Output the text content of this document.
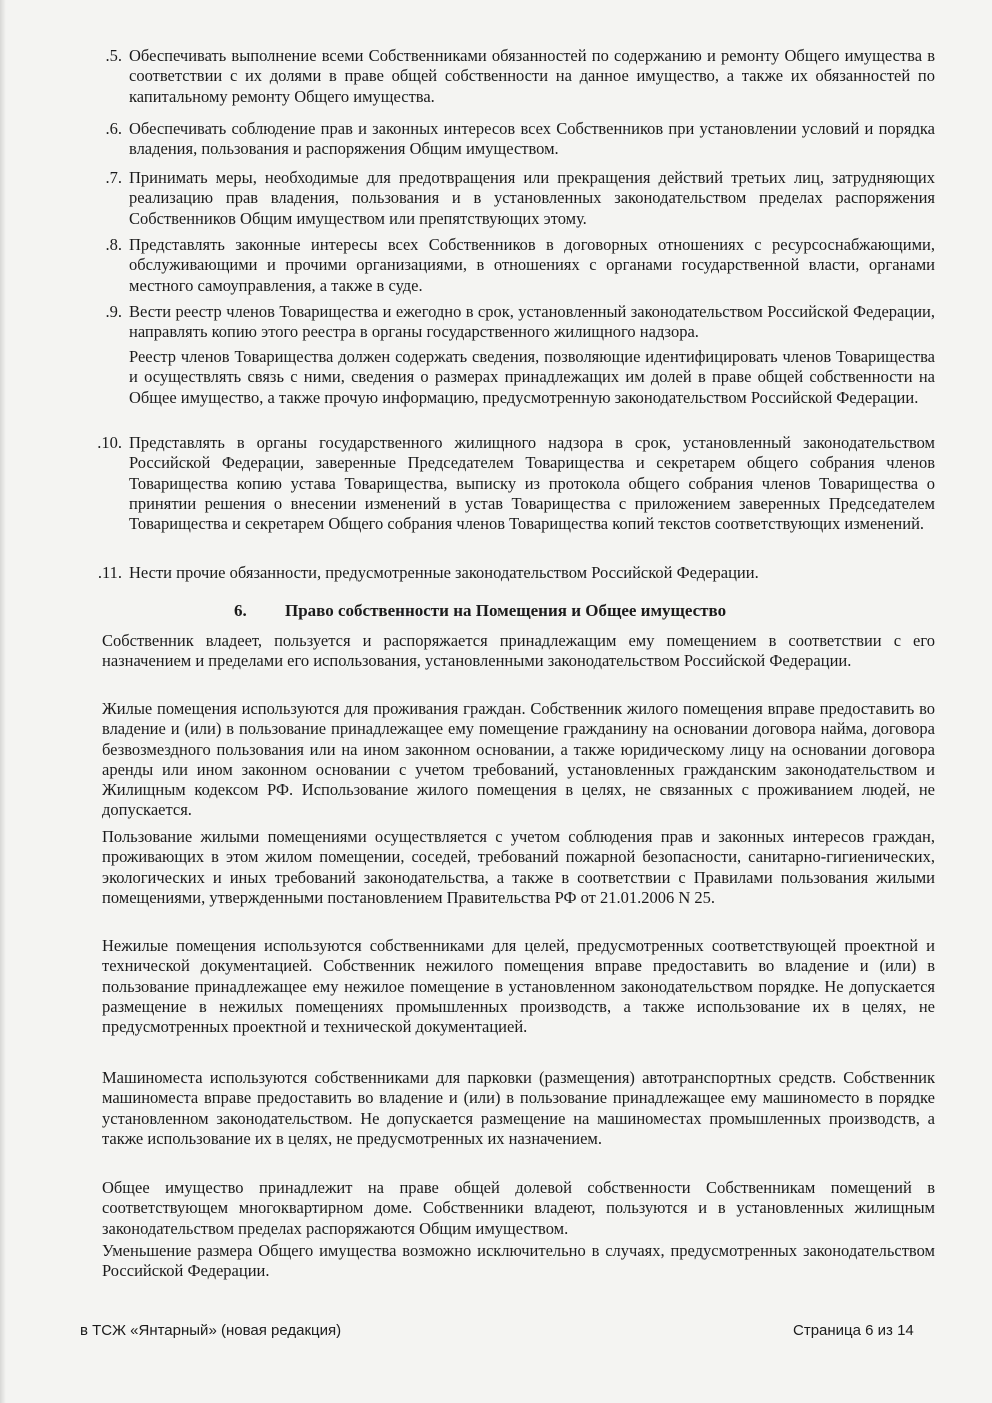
.5. Обеспечивать выполнение всеми Собственниками обязанностей по содержанию и ремонту Общего имущества в соответствии с их долями в праве общей собственности на данное имущество, а также их обязанностей по капитальному ремонту Общего имущества.
.6. Обеспечивать соблюдение прав и законных интересов всех Собственников при установлении условий и порядка владения, пользования и распоряжения Общим имуществом.
.7. Принимать меры, необходимые для предотвращения или прекращения действий третьих лиц, затрудняющих реализацию прав владения, пользования и в установленных законодательством пределах распоряжения Собственников Общим имуществом или препятствующих этому.
.8. Представлять законные интересы всех Собственников в договорных отношениях с ресурсоснабжающими, обслуживающими и прочими организациями, в отношениях с органами государственной власти, органами местного самоуправления, а также в суде.
.9. Вести реестр членов Товарищества и ежегодно в срок, установленный законодательством Российской Федерации, направлять копию этого реестра в органы государственного жилищного надзора.
Реестр членов Товарищества должен содержать сведения, позволяющие идентифицировать членов Товарищества и осуществлять связь с ними, сведения о размерах принадлежащих им долей в праве общей собственности на Общее имущество, а также прочую информацию, предусмотренную законодательством Российской Федерации.
.10. Представлять в органы государственного жилищного надзора в срок, установленный законодательством Российской Федерации, заверенные Председателем Товарищества и секретарем общего собрания членов Товарищества копию устава Товарищества, выписку из протокола общего собрания членов Товарищества о принятии решения о внесении изменений в устав Товарищества с приложением заверенных Председателем Товарищества и секретарем Общего собрания членов Товарищества копий текстов соответствующих изменений.
.11. Нести прочие обязанности, предусмотренные законодательством Российской Федерации.
6. Право собственности на Помещения и Общее имущество
Собственник владеет, пользуется и распоряжается принадлежащим ему помещением в соответствии с его назначением и пределами его использования, установленными законодательством Российской Федерации.
Жилые помещения используются для проживания граждан. Собственник жилого помещения вправе предоставить во владение и (или) в пользование принадлежащее ему помещение гражданину на основании договора найма, договора безвозмездного пользования или на ином законном основании, а также юридическому лицу на основании договора аренды или ином законном основании с учетом требований, установленных гражданским законодательством и Жилищным кодексом РФ. Использование жилого помещения в целях, не связанных с проживанием людей, не допускается.
Пользование жилыми помещениями осуществляется с учетом соблюдения прав и законных интересов граждан, проживающих в этом жилом помещении, соседей, требований пожарной безопасности, санитарно-гигиенических, экологических и иных требований законодательства, а также в соответствии с Правилами пользования жилыми помещениями, утвержденными постановлением Правительства РФ от 21.01.2006 N 25.
Нежилые помещения используются собственниками для целей, предусмотренных соответствующей проектной и технической документацией. Собственник нежилого помещения вправе предоставить во владение и (или) в пользование принадлежащее ему нежилое помещение в установленном законодательством порядке. Не допускается размещение в нежилых помещениях промышленных производств, а также использование их в целях, не предусмотренных проектной и технической документацией.
Машиноместа используются собственниками для парковки (размещения) автотранспортных средств. Собственник машиноместа вправе предоставить во владение и (или) в пользование принадлежащее ему машиноместо в порядке установленном законодательством. Не допускается размещение на машиноместах промышленных производств, а также использование их в целях, не предусмотренных их назначением.
Общее имущество принадлежит на праве общей долевой собственности Собственникам помещений в соответствующем многоквартирном доме. Собственники владеют, пользуются и в установленных жилищным законодательством пределах распоряжаются Общим имуществом.
Уменьшение размера Общего имущества возможно исключительно в случаях, предусмотренных законодательством Российской Федерации.
в ТСЖ «Янтарный» (новая редакция)	Страница 6 из 14
